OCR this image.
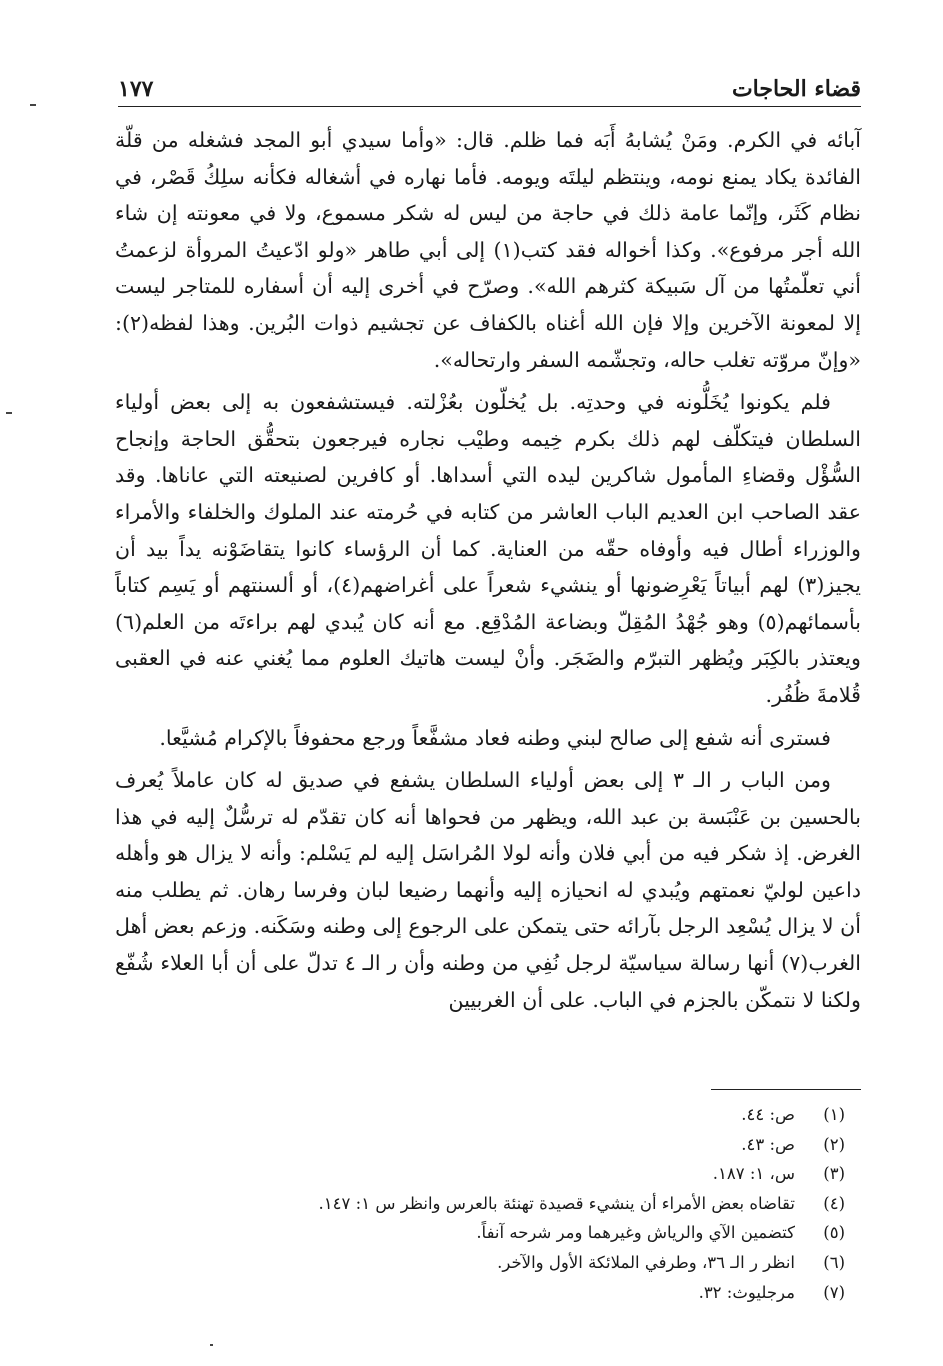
قضاء الحاجات
١٧٧

آبائه في الكرم. ومَنْ يُشابهُ أَبَه فما ظلم. قال: «وأما سيدي أبو المجد فشغله من قلّة الفائدة يكاد يمنع نومه، وينتظم ليلتَه ويومه. فأما نهاره في أشغاله فكأنه سلِكُ قَصْر، في نظام كَثَر، وإنّما عامة ذلك في حاجة من ليس له شكر مسموع، ولا في معونته إن شاء الله أجر مرفوع». وكذا أخواله فقد كتب(١) إلى أبي طاهر «ولو ادّعيتُ المروأة لزعمتُ أني تعلّمتُها من آل سَبيكة كثرهم الله». وصرّح في أخرى إليه أن أسفاره للمتاجر ليست إلا لمعونة الآخرين وإلا فإن الله أغناه بالكفاف عن تجشيم ذوات البُرين. وهذا لفظه(٢): «وإنّ مروّته تغلب حاله، وتجشّمه السفر وارتحاله».

فلم يكونوا يُخَلُّونه في وحدتِه. بل يُخلّون بعُزْلته. فيستشفعون به إلى بعض أولياء السلطان فيتكلّف لهم ذلك بكرم خِيمه وطيْب نجاره فيرجعون بتحقُّق الحاجة وإنجاح السُّؤْل وقضاءِ المأمول شاكرين ليده التي أسداها. أو كافرين لصنيعته التي عاناها. وقد عقد الصاحب ابن العديم الباب العاشر من كتابه في حُرمته عند الملوك والخلفاء والأمراء والوزراء أطال فيه وأوفاه حقّه من العناية. كما أن الرؤساء كانوا يتقاضَوْنه يداً بيد أن يجيز(٣) لهم أبياتاً يَعْرِضونها أو ينشيء شعراً على أغراضهم(٤)، أو ألسنتهم أو يَسِم كتاباً بأسمائهم(٥) وهو جُهْدُ المُقِلّ وبضاعة المُدْقِع. مع أنه كان يُبدي لهم براءتَه من العلم(٦) ويعتذر بالكِبَر ويُظهر التبرّم والضَجَر. وأنْ ليست هاتيك العلوم مما يُغني عنه في العقبى قُلامةَ ظُفُر.

فسترى أنه شفع إلى صالح لبني وطنه فعاد مشفَّعاً ورجع محفوفاً بالإكرام مُشيَّعا.

ومن الباب ر الـ ٣ إلى بعض أولياء السلطان يشفع في صديق له كان عاملاً يُعرف بالحسين بن عَنْبَسة بن عبد الله، ويظهر من فحواها أنه كان تقدّم له ترسُّلٌ إليه في هذا الغرض. إذ شكر فيه من أبي فلان وأنه لولا المُراسَل إليه لم يَسْلم: وأنه لا يزال هو وأهله داعين لوليّ نعمتهم ويُبدي له انحيازه إليه وأنهما رضيعا لبان وفرسا رهان. ثم يطلب منه أن لا يزال يُسْعِد الرجل بآرائه حتى يتمكن على الرجوع إلى وطنه وسَكَنه. وزعم بعض أهل الغرب(٧) أنها رسالة سياسيّة لرجل نُفِي من وطنه وأن ر الـ ٤ تدلّ على أن أبا العلاء شُفّع ولكنا لا نتمكّن بالجزم في الباب. على أن الغربيين

(١)
ص: ٤٤.
(٢)
ص: ٤٣.
(٣)
س، ١: ١٨٧.
(٤)
تقاضاه بعض الأمراء أن ينشيء قصيدة تهنئة بالعرس وانظر س ١: ١٤٧.
(٥)
كتضمين الآي والرياش وغيرهما ومر شرحه آنفاً.
(٦)
انظر ر الـ ٣٦، وطرفي الملائكة الأول والآخر.
(٧)
مرجليوث: ٣٢.
